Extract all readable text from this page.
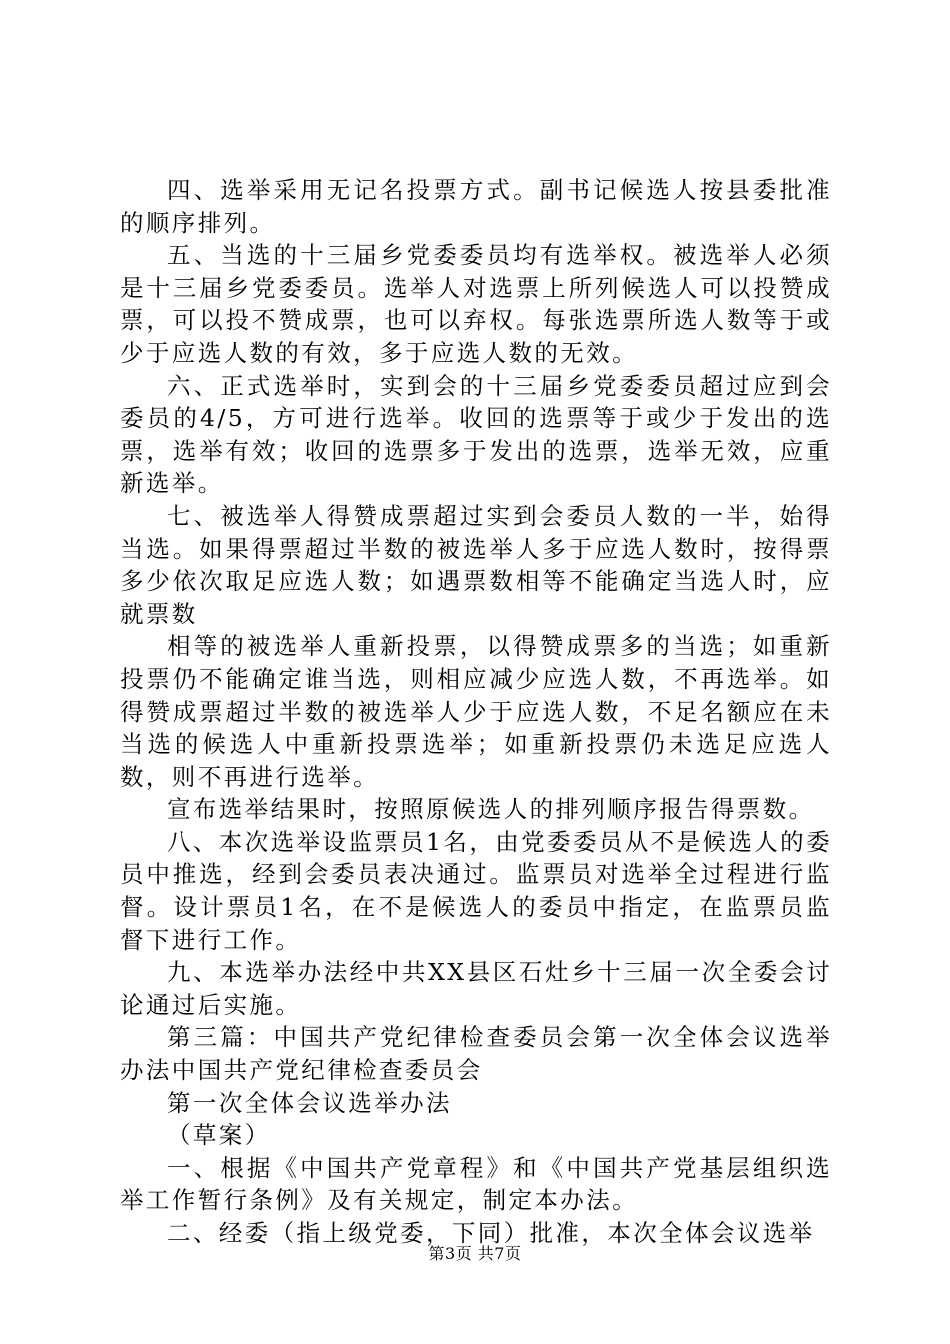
四、选举采用无记名投票方式。副书记候选人按县委批准的顺序排列。

五、当选的十三届乡党委委员均有选举权。被选举人必须是十三届乡党委委员。选举人对选票上所列候选人可以投赞成票，可以投不赞成票，也可以弃权。每张选票所选人数等于或少于应选人数的有效，多于应选人数的无效。

六、正式选举时，实到会的十三届乡党委委员超过应到会委员的4/5，方可进行选举。收回的选票等于或少于发出的选票，选举有效；收回的选票多于发出的选票，选举无效，应重新选举。

七、被选举人得赞成票超过实到会委员人数的一半，始得当选。如果得票超过半数的被选举人多于应选人数时，按得票多少依次取足应选人数；如遇票数相等不能确定当选人时，应就票数

相等的被选举人重新投票，以得赞成票多的当选；如重新投票仍不能确定谁当选，则相应减少应选人数，不再选举。如得赞成票超过半数的被选举人少于应选人数，不足名额应在未当选的候选人中重新投票选举；如重新投票仍未选足应选人数，则不再进行选举。

宣布选举结果时，按照原候选人的排列顺序报告得票数。

八、本次选举设监票员1名，由党委委员从不是候选人的委员中推选，经到会委员表决通过。监票员对选举全过程进行监督。设计票员1名，在不是候选人的委员中指定，在监票员监督下进行工作。

九、本选举办法经中共XX县区石灶乡十三届一次全委会讨论通过后实施。

第三篇：中国共产党纪律检查委员会第一次全体会议选举办法中国共产党纪律检查委员会

第一次全体会议选举办法

（草案）

一、根据《中国共产党章程》和《中国共产党基层组织选举工作暂行条例》及有关规定，制定本办法。

二、经委（指上级党委，下同）批准，本次全体会议选举

第3页 共7页
